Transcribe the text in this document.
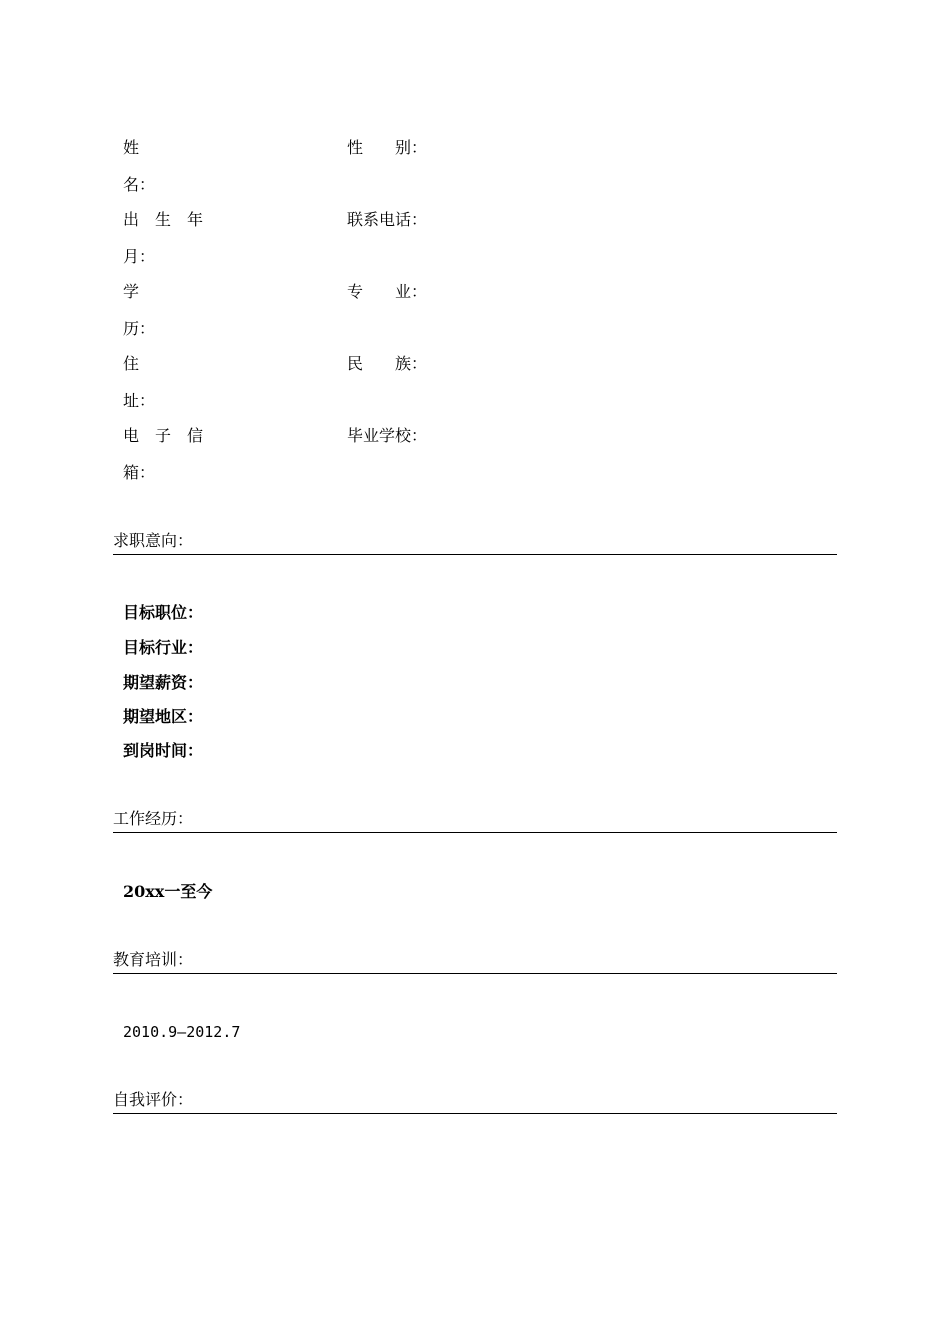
姓
名：
性　　别：
出　生　年
月：
联系电话：
学
历：
专　　业：
住
址：
民　　族：
电　子　信
箱：
毕业学校：
求职意向：
目标职位：
目标行业：
期望薪资：
期望地区：
到岗时间：
工作经历：
20xx一至今
教育培训：
2010.9—2012.7
自我评价：
